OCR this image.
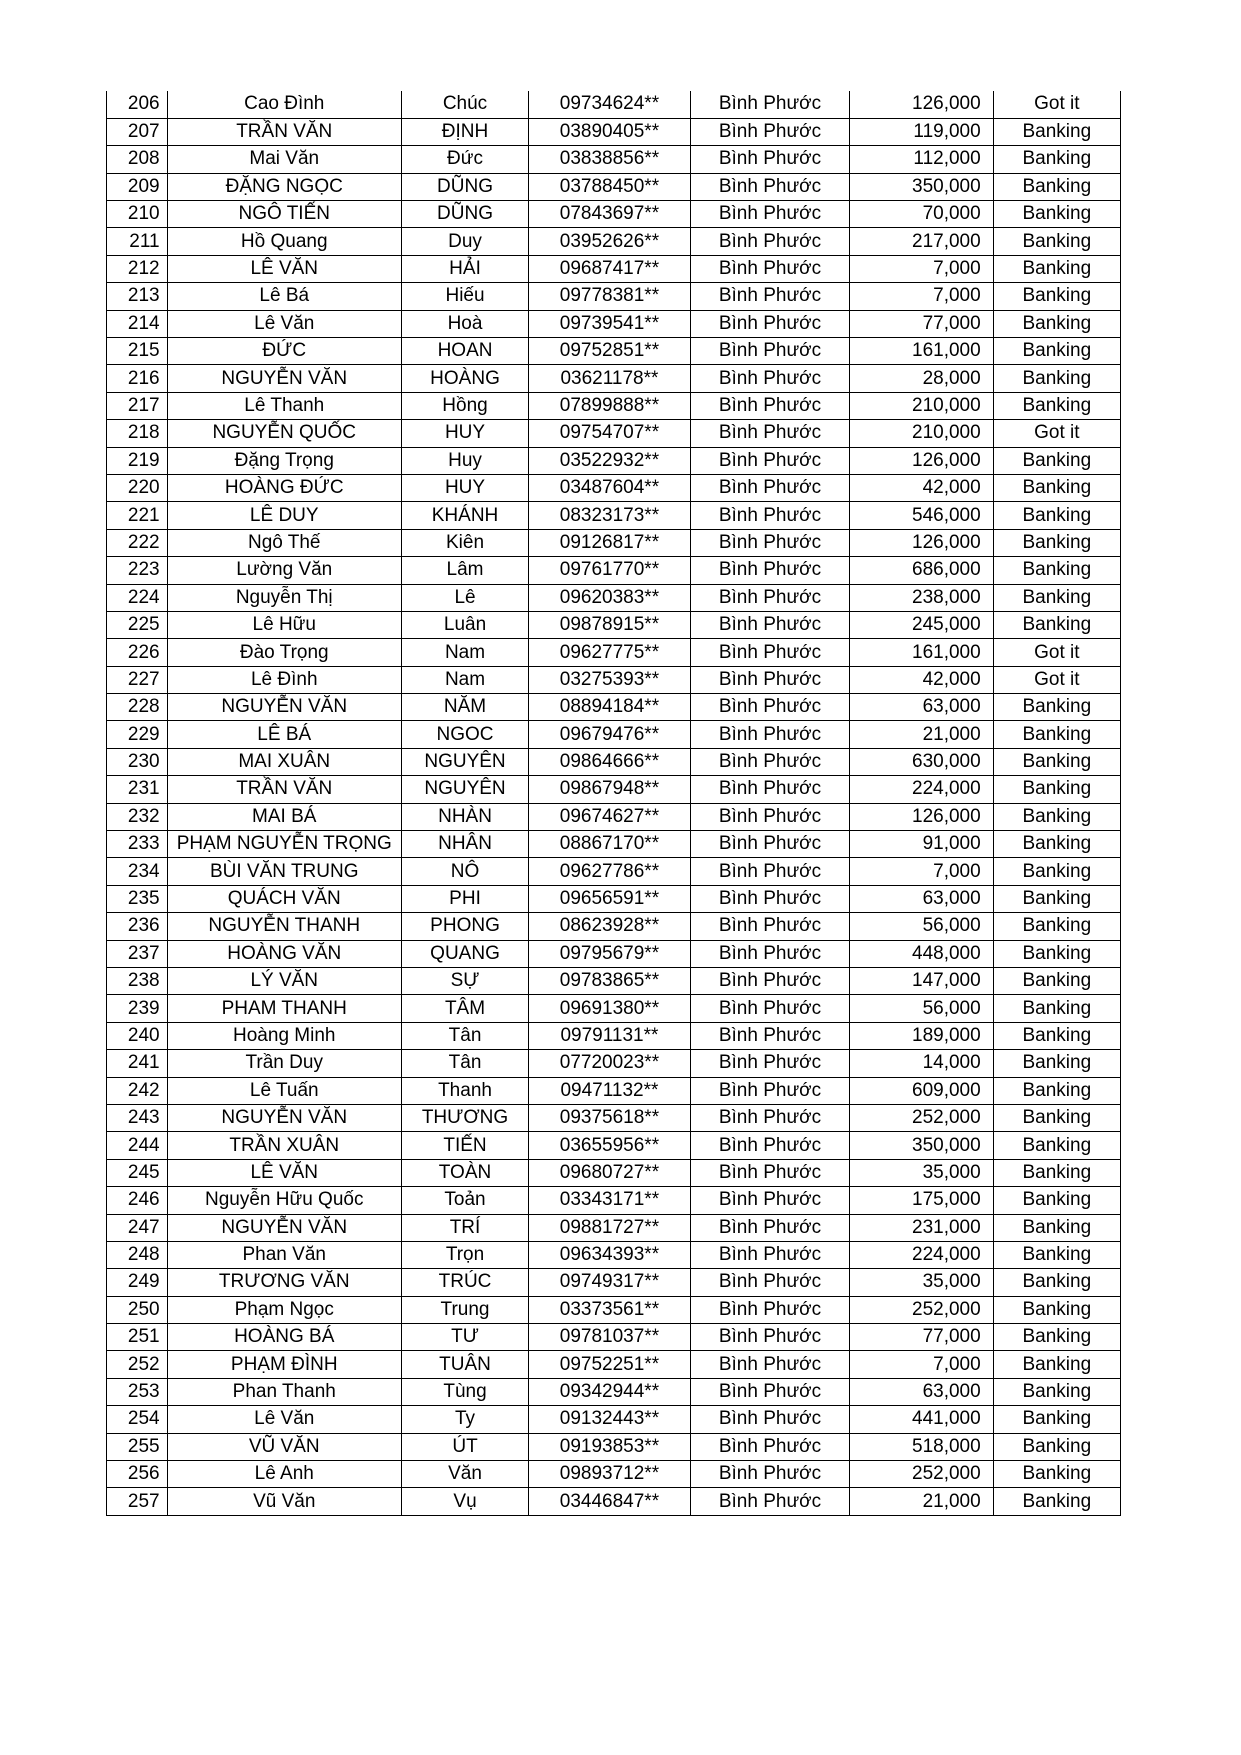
206	Cao Đình	Chúc	09734624**	Bình Phước	126,000	Got it
207	TRẦN VĂN	ĐỊNH	03890405**	Bình Phước	119,000	Banking
208	Mai Văn	Đức	03838856**	Bình Phước	112,000	Banking
209	ĐẶNG NGỌC	DŨNG	03788450**	Bình Phước	350,000	Banking
210	NGÔ TIẾN	DŨNG	07843697**	Bình Phước	70,000	Banking
211	Hồ Quang	Duy	03952626**	Bình Phước	217,000	Banking
212	LÊ VĂN	HẢI	09687417**	Bình Phước	7,000	Banking
213	Lê Bá	Hiếu	09778381**	Bình Phước	7,000	Banking
214	Lê Văn	Hoà	09739541**	Bình Phước	77,000	Banking
215	ĐỨC	HOAN	09752851**	Bình Phước	161,000	Banking
216	NGUYỄN VĂN	HOÀNG	03621178**	Bình Phước	28,000	Banking
217	Lê Thanh	Hồng	07899888**	Bình Phước	210,000	Banking
218	NGUYỄN QUỐC	HUY	09754707**	Bình Phước	210,000	Got it
219	Đặng Trọng	Huy	03522932**	Bình Phước	126,000	Banking
220	HOÀNG ĐỨC	HUY	03487604**	Bình Phước	42,000	Banking
221	LÊ DUY	KHÁNH	08323173**	Bình Phước	546,000	Banking
222	Ngô Thế	Kiên	09126817**	Bình Phước	126,000	Banking
223	Lường Văn	Lâm	09761770**	Bình Phước	686,000	Banking
224	Nguyễn Thị	Lê	09620383**	Bình Phước	238,000	Banking
225	Lê Hữu	Luân	09878915**	Bình Phước	245,000	Banking
226	Đào Trọng	Nam	09627775**	Bình Phước	161,000	Got it
227	Lê Đình	Nam	03275393**	Bình Phước	42,000	Got it
228	NGUYỄN VĂN	NĂM	08894184**	Bình Phước	63,000	Banking
229	LÊ BÁ	NGOC	09679476**	Bình Phước	21,000	Banking
230	MAI XUÂN	NGUYÊN	09864666**	Bình Phước	630,000	Banking
231	TRẦN VĂN	NGUYÊN	09867948**	Bình Phước	224,000	Banking
232	MAI BÁ	NHÀN	09674627**	Bình Phước	126,000	Banking
233	PHẠM NGUYỄN TRỌNG	NHÂN	08867170**	Bình Phước	91,000	Banking
234	BÙI VĂN TRUNG	NÔ	09627786**	Bình Phước	7,000	Banking
235	QUÁCH VĂN	PHI	09656591**	Bình Phước	63,000	Banking
236	NGUYỄN THANH	PHONG	08623928**	Bình Phước	56,000	Banking
237	HOÀNG VĂN	QUANG	09795679**	Bình Phước	448,000	Banking
238	LÝ VĂN	SỰ	09783865**	Bình Phước	147,000	Banking
239	PHAM THANH	TÂM	09691380**	Bình Phước	56,000	Banking
240	Hoàng Minh	Tân	09791131**	Bình Phước	189,000	Banking
241	Trần Duy	Tân	07720023**	Bình Phước	14,000	Banking
242	Lê Tuấn	Thanh	09471132**	Bình Phước	609,000	Banking
243	NGUYỄN VĂN	THƯƠNG	09375618**	Bình Phước	252,000	Banking
244	TRẦN XUÂN	TIẾN	03655956**	Bình Phước	350,000	Banking
245	LÊ VĂN	TOÀN	09680727**	Bình Phước	35,000	Banking
246	Nguyễn Hữu Quốc	Toản	03343171**	Bình Phước	175,000	Banking
247	NGUYỄN VĂN	TRÍ	09881727**	Bình Phước	231,000	Banking
248	Phan Văn	Trọn	09634393**	Bình Phước	224,000	Banking
249	TRƯƠNG VĂN	TRÚC	09749317**	Bình Phước	35,000	Banking
250	Phạm Ngọc	Trung	03373561**	Bình Phước	252,000	Banking
251	HOÀNG BÁ	TƯ	09781037**	Bình Phước	77,000	Banking
252	PHẠM ĐÌNH	TUÂN	09752251**	Bình Phước	7,000	Banking
253	Phan Thanh	Tùng	09342944**	Bình Phước	63,000	Banking
254	Lê Văn	Ty	09132443**	Bình Phước	441,000	Banking
255	VŨ VĂN	ÚT	09193853**	Bình Phước	518,000	Banking
256	Lê Anh	Văn	09893712**	Bình Phước	252,000	Banking
257	Vũ Văn	Vụ	03446847**	Bình Phước	21,000	Banking
